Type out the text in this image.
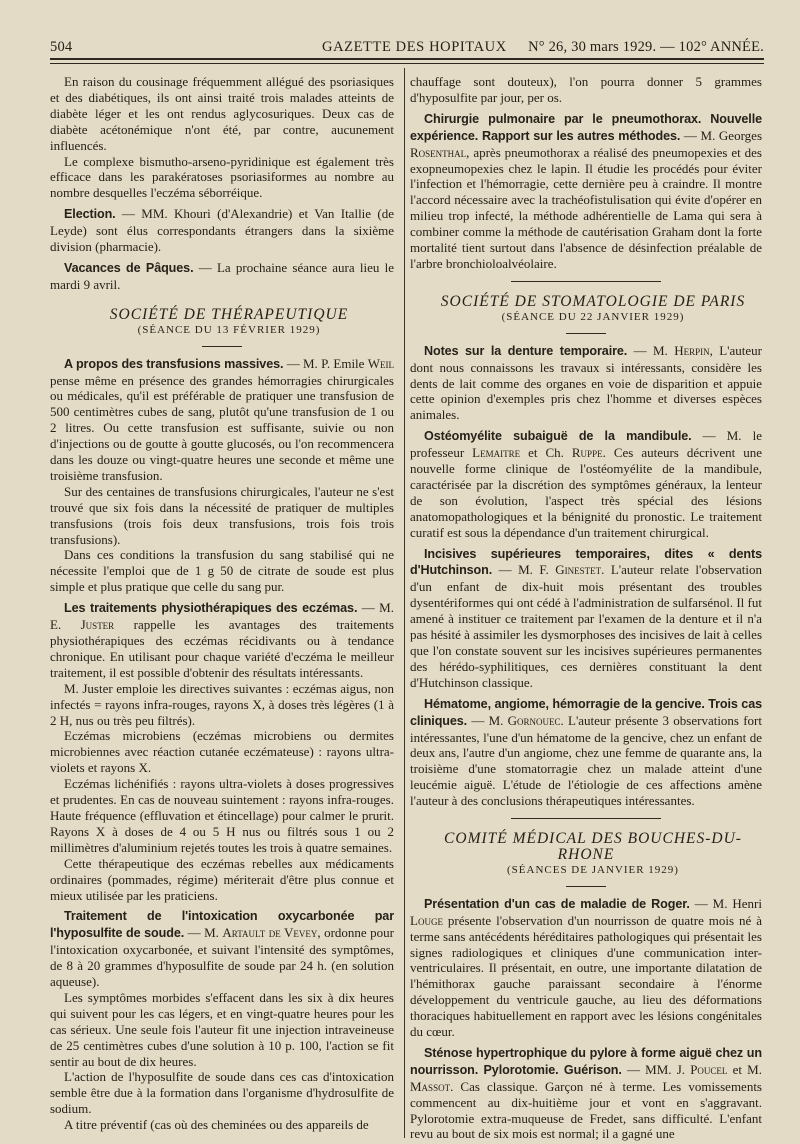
504	GAZETTE DES HOPITAUX N° 26, 30 mars 1929. — 102° ANNÉE.

En raison du cousinage fréquemment allégué des psoriasiques et des diabétiques, ils ont ainsi traité trois malades atteints de diabète léger et les ont rendus aglycosuriques. Deux cas de diabète acétonémique n'ont été, par contre, aucunement influencés.

Le complexe bismutho-arseno-pyridinique est également très efficace dans les parakératoses psoriasiformes au nombre au nombre desquelles l'eczéma séborréique.

Election. — MM. Khouri (d'Alexandrie) et Van Itallie (de Leyde) sont élus correspondants étrangers dans la sixième division (pharmacie).

Vacances de Pâques. — La prochaine séance aura lieu le mardi 9 avril.

SOCIÉTÉ DE THÉRAPEUTIQUE

(SÉANCE DU 13 FÉVRIER 1929)

A propos des transfusions massives. — M. P. Emile Weil pense même en présence des grandes hémorragies chirurgicales ou médicales, qu'il est préférable de pratiquer une transfusion de 500 centimètres cubes de sang, plutôt qu'une transfusion de 1 ou 2 litres. Ou cette transfusion est suffisante, suivie ou non d'injections ou de goutte à goutte glucosés, ou l'on recommencera dans les douze ou vingt-quatre heures une seconde et même une troisième transfusion.

Sur des centaines de transfusions chirurgicales, l'auteur ne s'est trouvé que six fois dans la nécessité de pratiquer de multiples transfusions (trois fois deux transfusions, trois fois trois transfusions).

Dans ces conditions la transfusion du sang stabilisé qui ne nécessite l'emploi que de 1 g 50 de citrate de soude est plus simple et plus pratique que celle du sang pur.

Les traitements physiothérapiques des eczémas. — M. E. Juster rappelle les avantages des traitements physiothérapiques des eczémas récidivants ou à tendance chronique. En utilisant pour chaque variété d'eczéma le meilleur traitement, il est possible d'obtenir des résultats intéressants.

M. Juster emploie les directives suivantes : eczémas aigus, non infectés = rayons infra-rouges, rayons X, à doses très légères (1 à 2 H, nus ou très peu filtrés).

Eczémas microbiens (eczémas microbiens ou dermites microbiennes avec réaction cutanée eczémateuse) : rayons ultra-violets et rayons X.

Eczémas lichénifiés : rayons ultra-violets à doses progressives et prudentes. En cas de nouveau suintement : rayons infra-rouges. Haute fréquence (effluvation et étincellage) pour calmer le prurit. Rayons X à doses de 4 ou 5 H nus ou filtrés sous 1 ou 2 millimètres d'aluminium rejetés toutes les trois à quatre semaines.

Cette thérapeutique des eczémas rebelles aux médicaments ordinaires (pommades, régime) mériterait d'être plus connue et mieux utilisée par les praticiens.

Traitement de l'intoxication oxycarbonée par l'hyposulfite de soude. — M. Artault de Vevey, ordonne pour l'intoxication oxycarbonée, et suivant l'intensité des symptômes, de 8 à 20 grammes d'hyposulfite de soude par 24 h. (en solution aqueuse).

Les symptômes morbides s'effacent dans les six à dix heures qui suivent pour les cas légers, et en vingt-quatre heures pour les cas sérieux. Une seule fois l'auteur fit une injection intraveineuse de 25 centimètres cubes d'une solution à 10 p. 100, l'action se fit sentir au bout de dix heures.

L'action de l'hyposulfite de soude dans ces cas d'intoxication semble être due à la formation dans l'organisme d'hydrosulfite de sodium.

A titre préventif (cas où des cheminées ou des appareils de

chauffage sont douteux), l'on pourra donner 5 grammes d'hyposulfite par jour, per os.

Chirurgie pulmonaire par le pneumothorax. Nouvelle expérience. Rapport sur les autres méthodes. — M. Georges Rosenthal, après pneumothorax a réalisé des pneumopexies et des exopneumopexies chez le lapin. Il étudie les procédés pour éviter l'infection et l'hémorragie, cette dernière peu à craindre. Il montre l'accord nécessaire avec la trachéofistulisation qui évite d'opérer en milieu trop infecté, la méthode adhérentielle de Lama qui sera à combiner comme la méthode de cautérisation Graham dont la forte mortalité tient surtout dans l'absence de désinfection préalable de l'arbre bronchioloalvéolaire.

SOCIÉTÉ DE STOMATOLOGIE DE PARIS

(SÉANCE DU 22 JANVIER 1929)

Notes sur la denture temporaire. — M. Herpin, L'auteur dont nous connaissons les travaux si intéressants, considère les dents de lait comme des organes en voie de disparition et appuie cette opinion d'exemples pris chez l'homme et diverses espèces animales.

Ostéomyélite subaiguë de la mandibule. — M. le professeur Lemaitre et Ch. Ruppe. Ces auteurs décrivent une nouvelle forme clinique de l'ostéomyélite de la mandibule, caractérisée par la discrétion des symptômes généraux, la lenteur de son évolution, l'aspect très spécial des lésions anatomopathologiques et la bénignité du pronostic. Le traitement curatif est sous la dépendance d'un traitement chirurgical.

Incisives supérieures temporaires, dites « dents d'Hutchinson. — M. F. Ginestet. L'auteur relate l'observation d'un enfant de dix-huit mois présentant des troubles dysentériformes qui ont cédé à l'administration de sulfarsénol. Il fut amené à instituer ce traitement par l'examen de la denture et il n'a pas hésité à assimiler les dysmorphoses des incisives de lait à celles que l'on constate souvent sur les incisives supérieures permanentes des hérédo-syphilitiques, ces dernières constituant la dent d'Hutchinson classique.

Hématome, angiome, hémorragie de la gencive. Trois cas cliniques. — M. Gornouec. L'auteur présente 3 observations fort intéressantes, l'une d'un hématome de la gencive, chez un enfant de deux ans, l'autre d'un angiome, chez une femme de quarante ans, la troisième d'une stomatorragie chez un malade atteint d'une leucémie aiguë. L'étude de l'étiologie de ces affections amène l'auteur à des conclusions thérapeutiques intéressantes.

COMITÉ MÉDICAL DES BOUCHES-DU-RHONE

(SÉANCES DE JANVIER 1929)

Présentation d'un cas de maladie de Roger. — M. Henri Louge présente l'observation d'un nourrisson de quatre mois né à terme sans antécédents héréditaires pathologiques qui présentait les signes radiologiques et cliniques d'une communication inter-ventriculaires. Il présentait, en outre, une importante dilatation de l'hémithorax gauche paraissant secondaire à l'énorme développement du ventricule gauche, au lieu des déformations thoraciques habituellement en rapport avec les lésions congénitales du cœur.

Sténose hypertrophique du pylore à forme aiguë chez un nourrisson. Pylorotomie. Guérison. — MM. J. Poucel et M. Massot. Cas classique. Garçon né à terme. Les vomissements commencent au dix-huitième jour et vont en s'aggravant. Pylorotomie extra-muqueuse de Fredet, sans difficulté. L'enfant revu au bout de six mois est normal; il a gagné une
